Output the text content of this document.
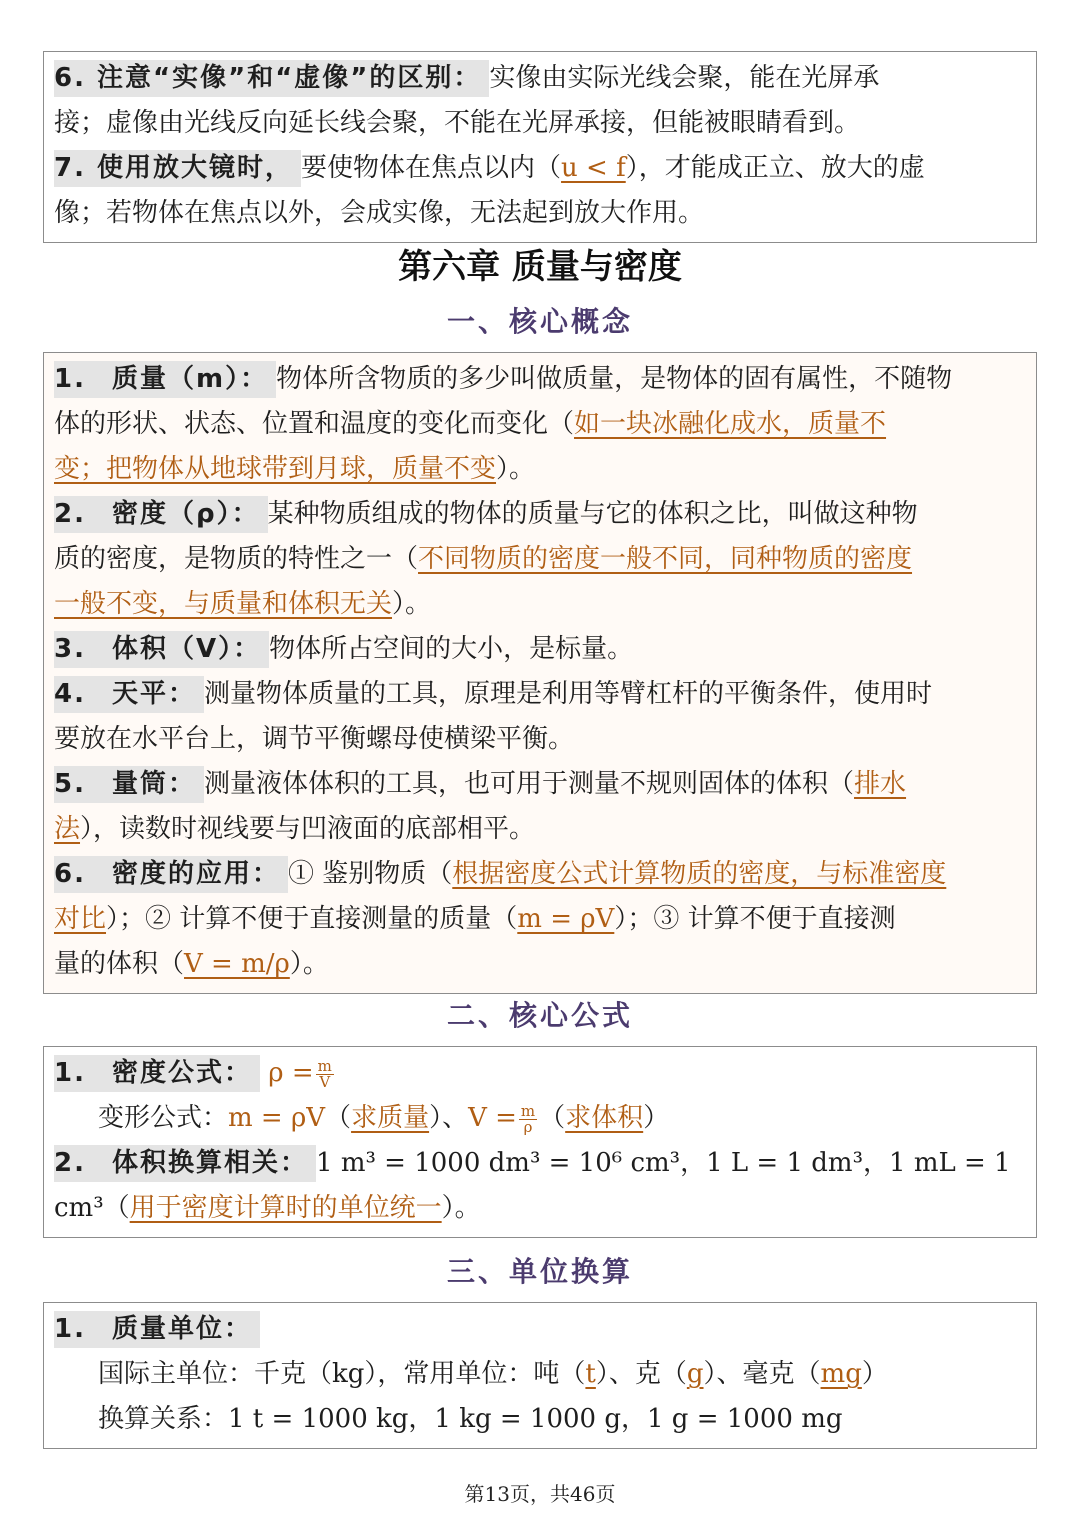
6. 注意“实像”和“虚像”的区别： 实像由实际光线会聚，能在光屏承
接；虚像由光线反向延长线会聚，不能在光屏承接，但能被眼睛看到。
7. 使用放大镜时， 要使物体在焦点以内（u < f），才能成正立、放大的虚
像；若物体在焦点以外，会成实像，无法起到放大作用。
第六章 质量与密度
一、核心概念
1. 质量（m）： 物体所含物质的多少叫做质量，是物体的固有属性，不随物
体的形状、状态、位置和温度的变化而变化（如一块冰融化成水，质量不
变；把物体从地球带到月球，质量不变）。
2. 密度（ρ）： 某种物质组成的物体的质量与它的体积之比，叫做这种物
质的密度，是物质的特性之一（不同物质的密度一般不同，同种物质的密度
一般不变，与质量和体积无关）。
3. 体积（V）： 物体所占空间的大小，是标量。
4. 天平： 测量物体质量的工具，原理是利用等臂杠杆的平衡条件，使用时
要放在水平台上，调节平衡螺母使横梁平衡。
5. 量筒： 测量液体体积的工具，也可用于测量不规则固体的体积（排水
法），读数时视线要与凹液面的底部相平。
6. 密度的应用： ① 鉴别物质（根据密度公式计算物质的密度，与标准密度
对比）；② 计算不便于直接测量的质量（m = ρV）；③ 计算不便于直接测
量的体积（V = m/ρ）。
二、核心公式
1. 密度公式： $\rho = \frac{m}{V}$
变形公式：m = ρV（求质量）、$V = \frac{m}{\rho}$ （求体积）
2. 体积换算相关： 1 m³ = 1000 dm³ = 10⁶ cm³，1 L = 1 dm³，1 mL = 1
cm³（用于密度计算时的单位统一）。
三、单位换算
1. 质量单位：
国际主单位：千克（kg），常用单位：吨（t）、克（g）、毫克（mg）
换算关系：1 t = 1000 kg，1 kg = 1000 g，1 g = 1000 mg
第13页，共46页
